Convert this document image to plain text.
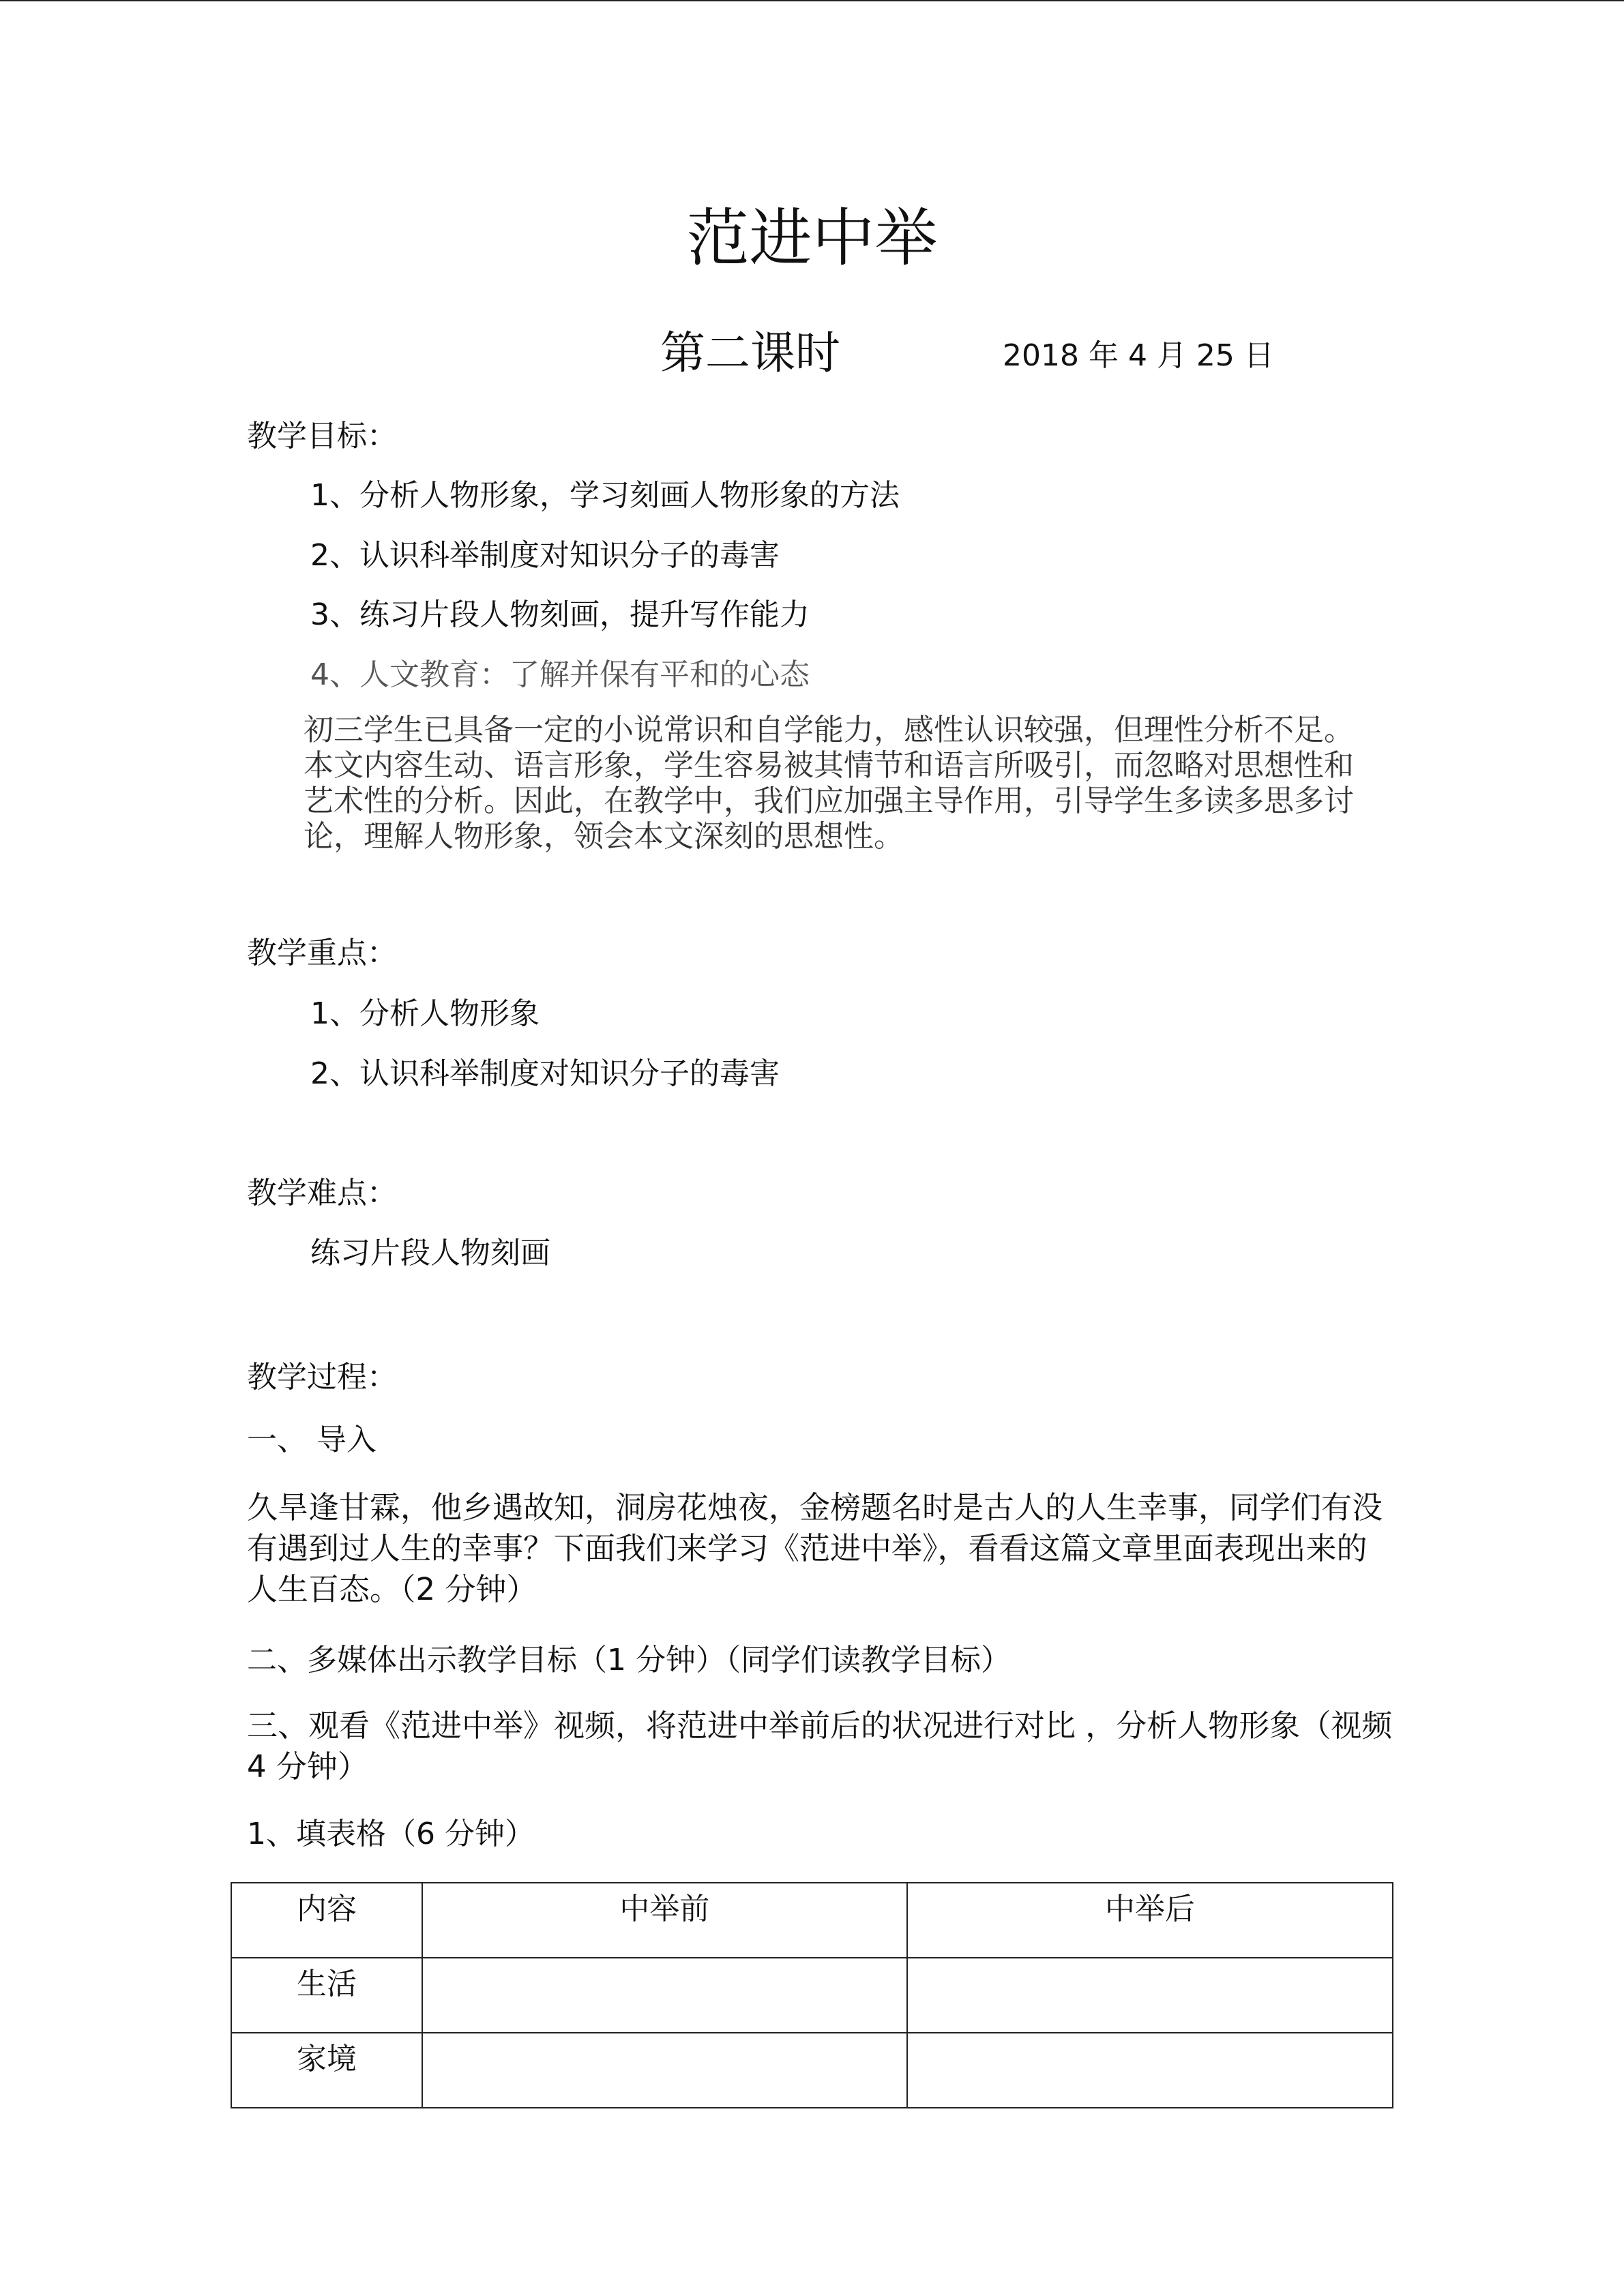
范进中举
第二课时	2018 年 4 月 25 日
教学目标：
1、分析人物形象，学习刻画人物形象的方法
2、认识科举制度对知识分子的毒害
3、练习片段人物刻画，提升写作能力
4、人文教育：了解并保有平和的心态
初三学生已具备一定的小说常识和自学能力，感性认识较强，但理性分析不足。本文内容生动、语言形象，学生容易被其情节和语言所吸引，而忽略对思想性和艺术性的分析。因此，在教学中，我们应加强主导作用，引导学生多读多思多讨论，理解人物形象，领会本文深刻的思想性。
教学重点：
1、分析人物形象
2、认识科举制度对知识分子的毒害
教学难点：
练习片段人物刻画
教学过程：
一、 导入
久旱逢甘霖，他乡遇故知，洞房花烛夜，金榜题名时是古人的人生幸事，同学们有没有遇到过人生的幸事？下面我们来学习《范进中举》，看看这篇文章里面表现出来的人生百态。（2 分钟）
二、多媒体出示教学目标（1 分钟）（同学们读教学目标）
三、观看《范进中举》视频，将范进中举前后的状况进行对比 ，分析人物形象（视频 4 分钟）
1、填表格（6 分钟）
内容	中举前	中举后
生活		
家境		
